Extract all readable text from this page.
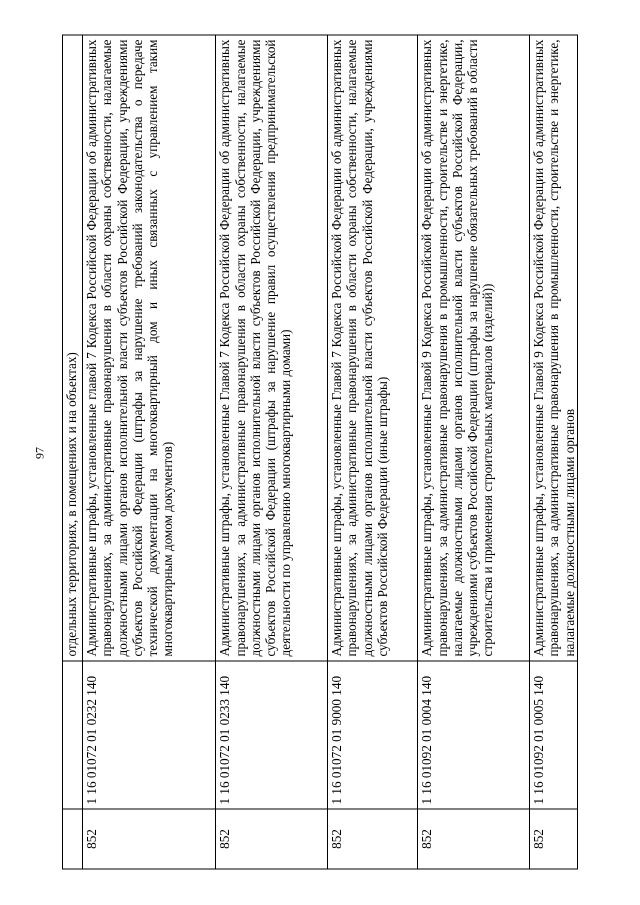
97
		отдельных территориях, в помещениях и на объектах)
852	1 16 01072 01 0232 140	Административные штрафы, установленные главой 7 Кодекса Российской Федерации об административных правонарушениях, за административные правонарушения в области охраны собственности, налагаемые должностными лицами органов исполнительной власти субъектов Российской Федерации, учреждениями субъектов Российской Федерации (штрафы за нарушение требований законодательства о передаче технической документации на многоквартирный дом и иных связанных с управлением таким многоквартирным домом документов)
852	1 16 01072 01 0233 140	Административные штрафы, установленные Главой 7 Кодекса Российской Федерации об административных правонарушениях, за административные правонарушения в области охраны собственности, налагаемые должностными лицами органов исполнительной власти субъектов Российской Федерации, учреждениями субъектов Российской Федерации (штрафы за нарушение правил осуществления предпринимательской деятельности по управлению многоквартирными домами)
852	1 16 01072 01 9000 140	Административные штрафы, установленные Главой 7 Кодекса Российской Федерации об административных правонарушениях, за административные правонарушения в области охраны собственности, налагаемые должностными лицами органов исполнительной власти субъектов Российской Федерации, учреждениями субъектов Российской Федерации (иные штрафы)
852	1 16 01092 01 0004 140	Административные штрафы, установленные Главой 9 Кодекса Российской Федерации об административных правонарушениях, за административные правонарушения в промышленности, строительстве и энергетике, налагаемые должностными лицами органов исполнительной власти субъектов Российской Федерации, учреждениями субъектов Российской Федерации (штрафы за нарушение обязательных требований в области строительства и применения строительных материалов (изделий))
852	1 16 01092 01 0005 140	Административные штрафы, установленные Главой 9 Кодекса Российской Федерации об административных правонарушениях, за административные правонарушения в промышленности, строительстве и энергетике, налагаемые должностными лицами органов
